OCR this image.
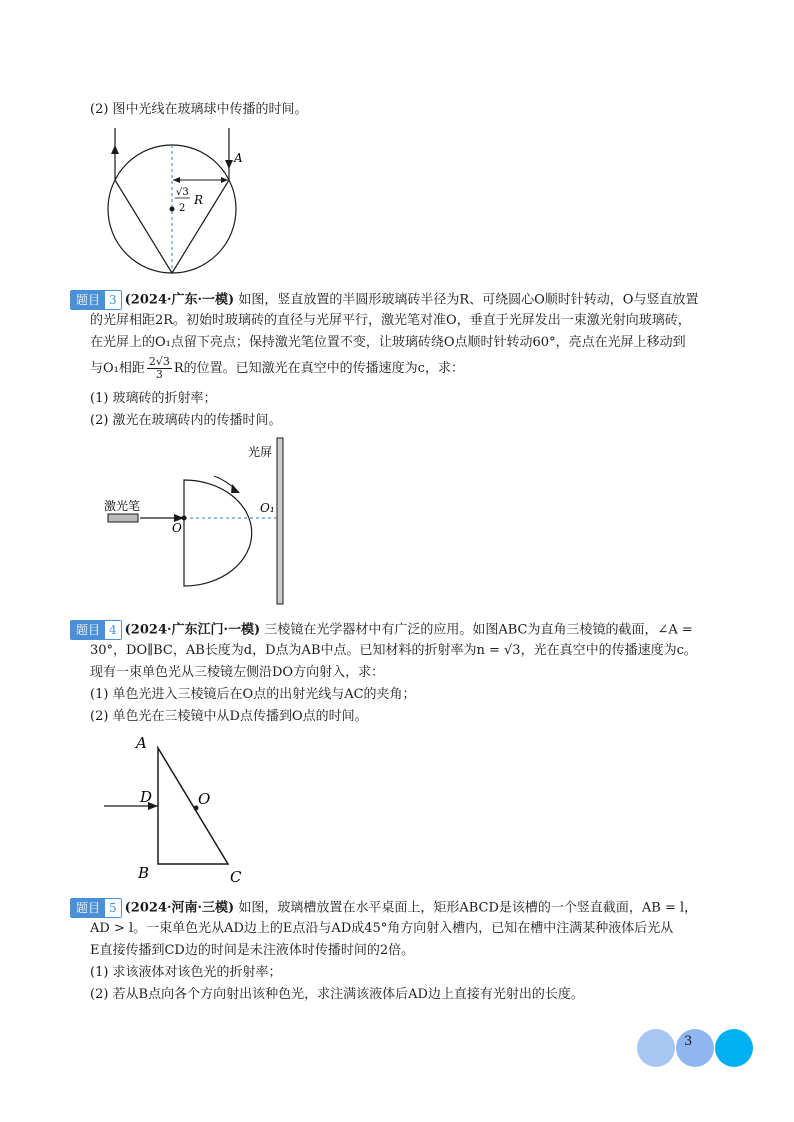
(2) 图中光线在玻璃球中传播的时间。
A
√3
2
R
题目 3 (2024·广东·一模) 如图，竖直放置的半圆形玻璃砖半径为R、可绕圆心O顺时针转动，O与竖直放置
的光屏相距2R。初始时玻璃砖的直径与光屏平行，激光笔对准O，垂直于光屏发出一束激光射向玻璃砖，
在光屏上的O₁点留下亮点；保持激光笔位置不变，让玻璃砖绕O点顺时针转动60°，亮点在光屏上移动到
与O₁相距 $\frac{2√3}{3}$ R的位置。已知激光在真空中的传播速度为c，求：
(1) 玻璃砖的折射率；
(2) 激光在玻璃砖内的传播时间。
光屏
激光笔
O
O₁
题目 4 (2024·广东江门·一模) 三棱镜在光学器材中有广泛的应用。如图ABC为直角三棱镜的截面，∠A =
30°，DO∥BC，AB长度为d，D点为AB中点。已知材料的折射率为n = √3，光在真空中的传播速度为c。
现有一束单色光从三棱镜左侧沿DO方向射入，求：
(1) 单色光进入三棱镜后在O点的出射光线与AC的夹角；
(2) 单色光在三棱镜中从D点传播到O点的时间。
A
D	O
B	C
题目 5 (2024·河南·三模) 如图，玻璃槽放置在水平桌面上，矩形ABCD是该槽的一个竖直截面，AB = l，
AD > l。一束单色光从AD边上的E点沿与AD成45°角方向射入槽内，已知在槽中注满某种液体后光从
E直接传播到CD边的时间是未注液体时传播时间的2倍。
(1) 求该液体对该色光的折射率；
(2) 若从B点向各个方向射出该种色光，求注满该液体后AD边上直接有光射出的长度。
3
